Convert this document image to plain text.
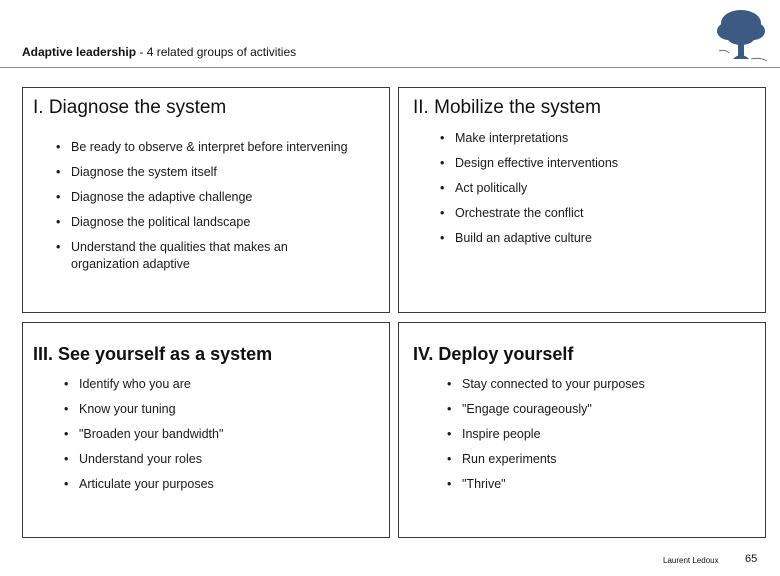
Adaptive leadership - 4 related groups of activities
I. Diagnose the system
• Be ready to observe & interpret before intervening
• Diagnose the system itself
• Diagnose the adaptive challenge
• Diagnose the political landscape
• Understand the qualities that makes an organization adaptive
II. Mobilize the system
• Make interpretations
• Design effective interventions
• Act politically
• Orchestrate the conflict
• Build an adaptive culture
III. See yourself as a system
• Identify who you are
• Know your tuning
• "Broaden your bandwidth"
• Understand your roles
• Articulate your purposes
IV. Deploy yourself
• Stay connected to your purposes
• "Engage courageously"
• Inspire people
• Run experiments
• "Thrive"
Laurent Ledoux 65
